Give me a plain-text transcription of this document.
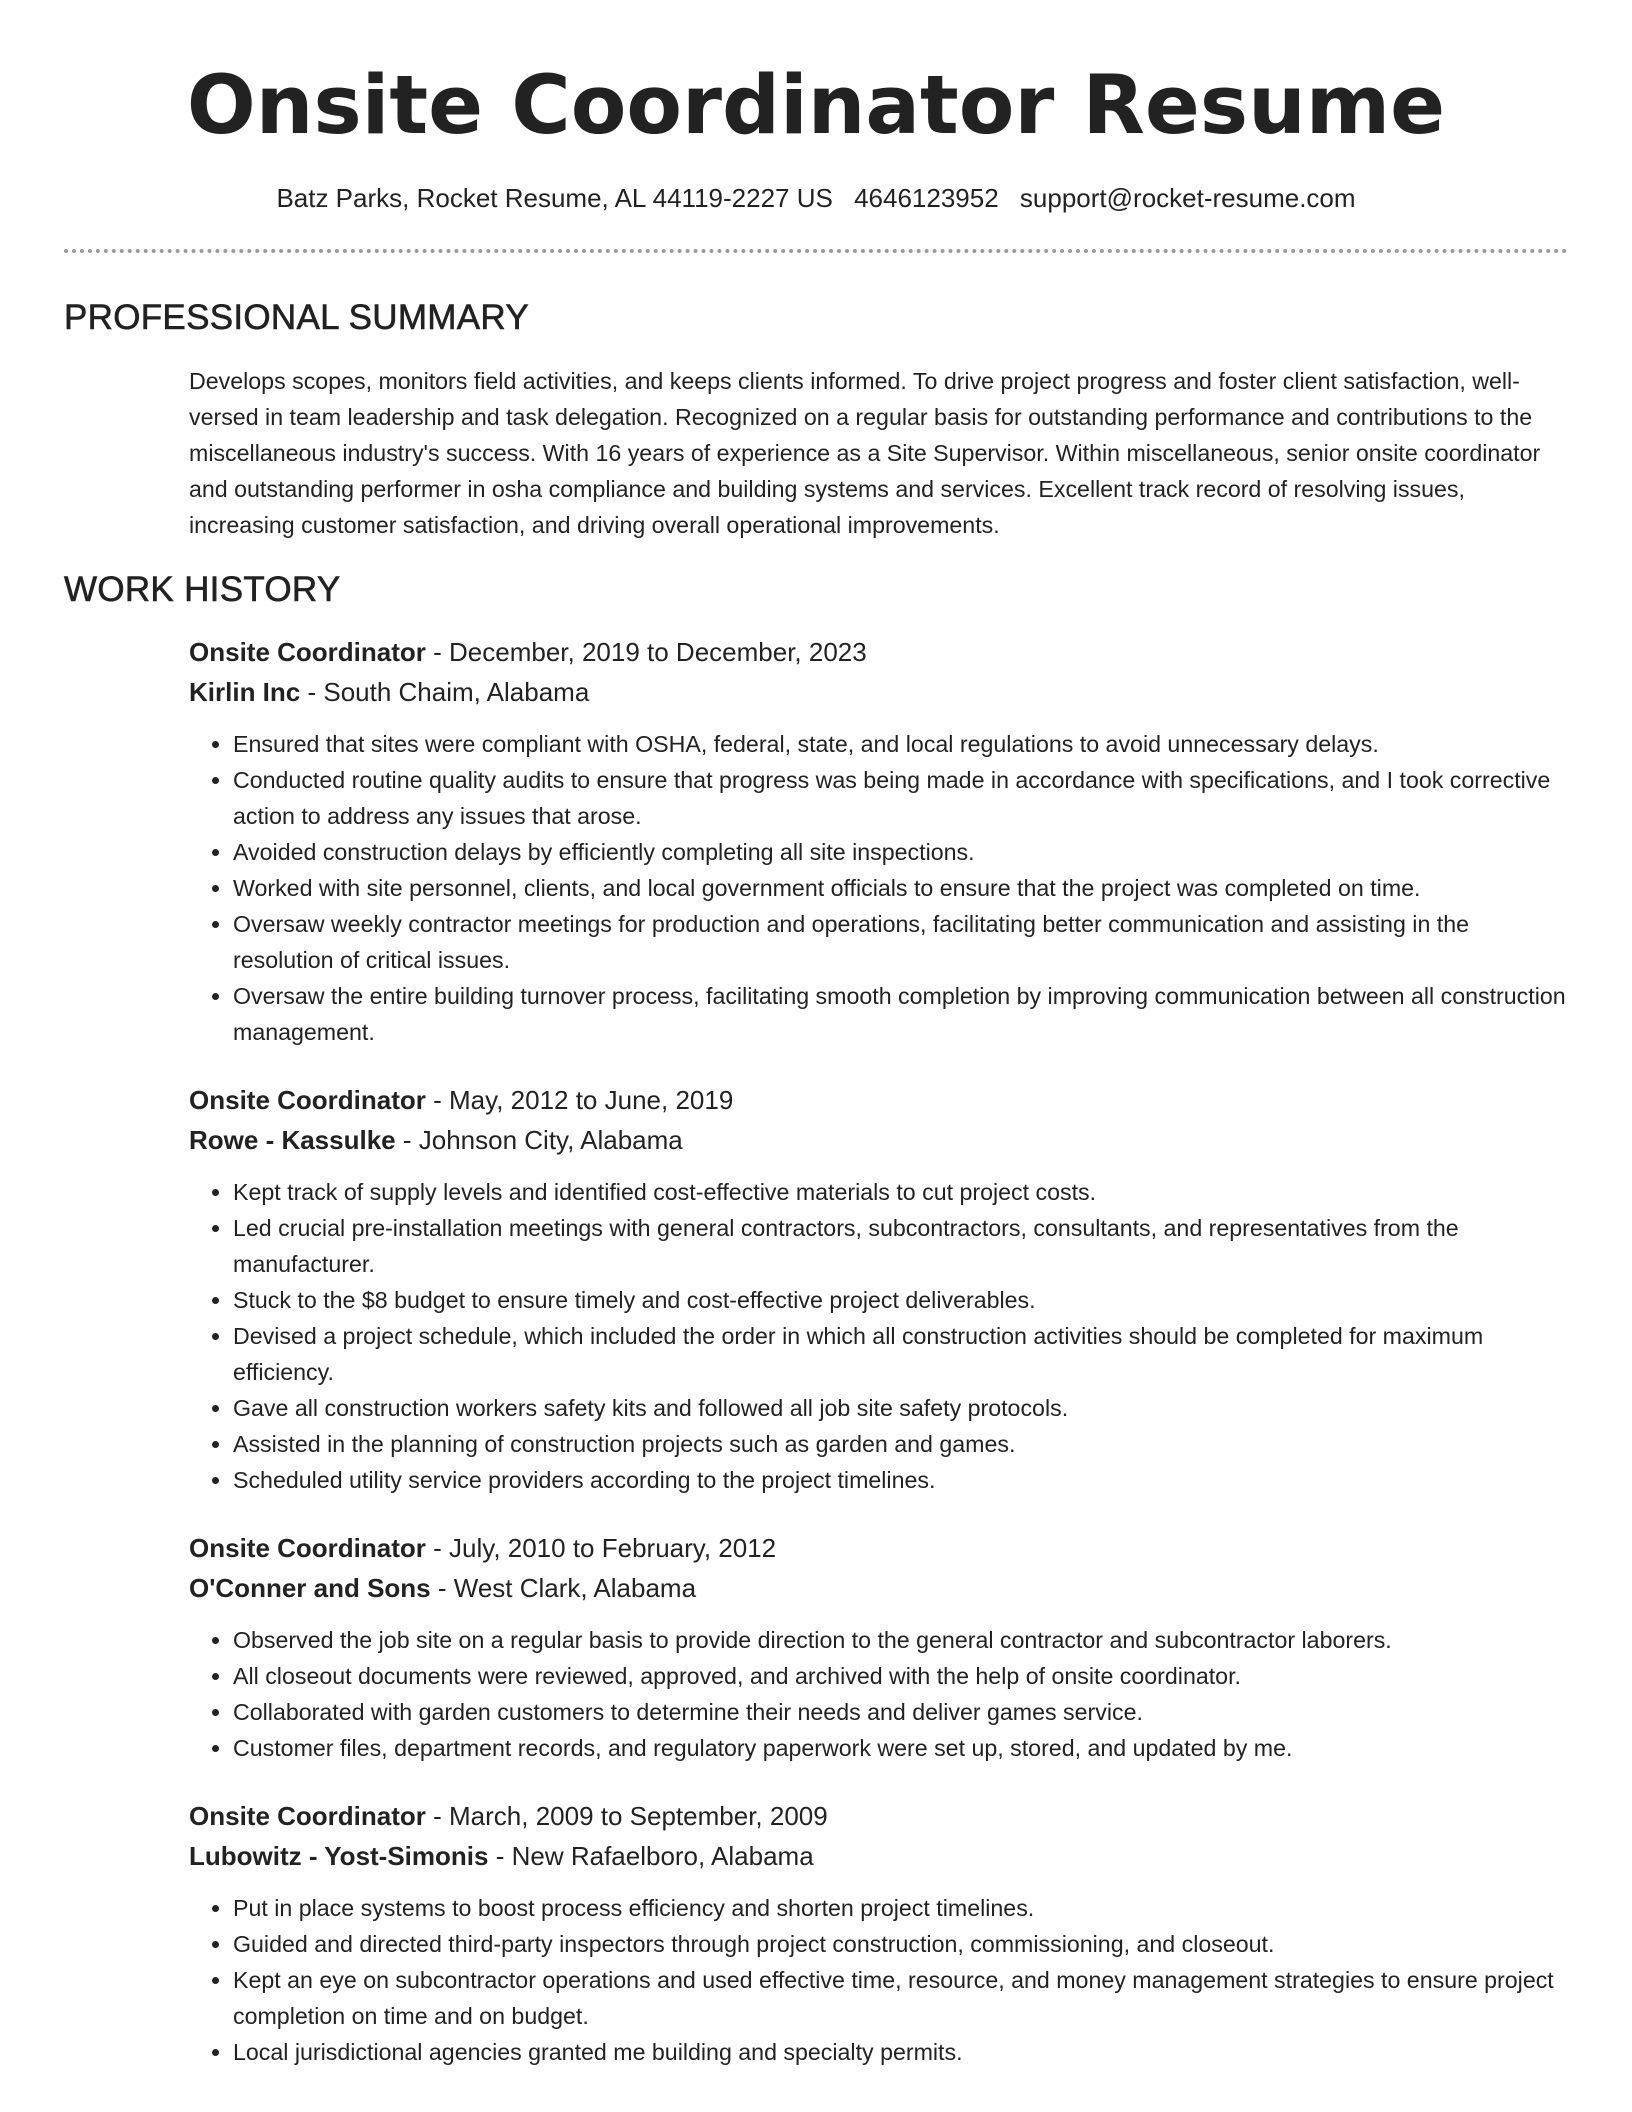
Onsite Coordinator Resume
Batz Parks, Rocket Resume, AL 44119-2227 US 4646123952 support@rocket-resume.com
PROFESSIONAL SUMMARY

Develops scopes, monitors field activities, and keeps clients informed. To drive project progress and foster client satisfaction, well-versed in team leadership and task delegation. Recognized on a regular basis for outstanding performance and contributions to the miscellaneous industry's success. With 16 years of experience as a Site Supervisor. Within miscellaneous, senior onsite coordinator and outstanding performer in osha compliance and building systems and services. Excellent track record of resolving issues, increasing customer satisfaction, and driving overall operational improvements.

WORK HISTORY

Onsite Coordinator - December, 2019 to December, 2023

Kirlin Inc - South Chaim, Alabama

• Ensured that sites were compliant with OSHA, federal, state, and local regulations to avoid unnecessary delays.
• Conducted routine quality audits to ensure that progress was being made in accordance with specifications, and I took corrective action to address any issues that arose.
• Avoided construction delays by efficiently completing all site inspections.
• Worked with site personnel, clients, and local government officials to ensure that the project was completed on time.
• Oversaw weekly contractor meetings for production and operations, facilitating better communication and assisting in the resolution of critical issues.
• Oversaw the entire building turnover process, facilitating smooth completion by improving communication between all construction management.

Onsite Coordinator - May, 2012 to June, 2019

Rowe - Kassulke - Johnson City, Alabama

• Kept track of supply levels and identified cost-effective materials to cut project costs.
• Led crucial pre-installation meetings with general contractors, subcontractors, consultants, and representatives from the manufacturer.
• Stuck to the $8 budget to ensure timely and cost-effective project deliverables.
• Devised a project schedule, which included the order in which all construction activities should be completed for maximum efficiency.
• Gave all construction workers safety kits and followed all job site safety protocols.
• Assisted in the planning of construction projects such as garden and games.
• Scheduled utility service providers according to the project timelines.

Onsite Coordinator - July, 2010 to February, 2012

O'Conner and Sons - West Clark, Alabama

• Observed the job site on a regular basis to provide direction to the general contractor and subcontractor laborers.
• All closeout documents were reviewed, approved, and archived with the help of onsite coordinator.
• Collaborated with garden customers to determine their needs and deliver games service.
• Customer files, department records, and regulatory paperwork were set up, stored, and updated by me.

Onsite Coordinator - March, 2009 to September, 2009

Lubowitz - Yost-Simonis - New Rafaelboro, Alabama

• Put in place systems to boost process efficiency and shorten project timelines.
• Guided and directed third-party inspectors through project construction, commissioning, and closeout.
• Kept an eye on subcontractor operations and used effective time, resource, and money management strategies to ensure project completion on time and on budget.
• Local jurisdictional agencies granted me building and specialty permits.
